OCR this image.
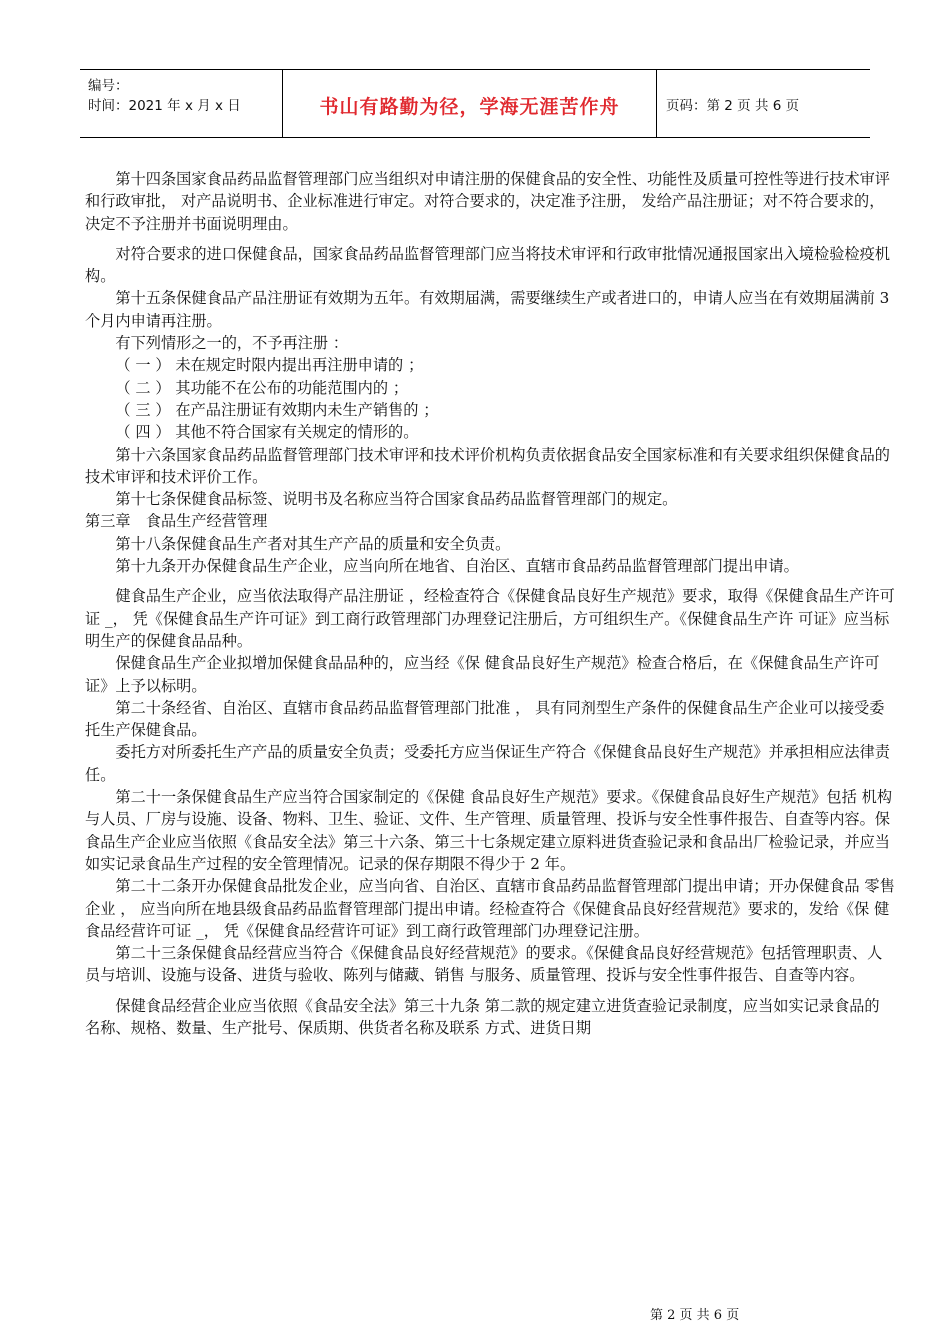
编号：
时间：2021 年 x 月 x 日	书山有路勤为径，学海无涯苦作舟	页码：第 2 页 共 6 页

第十四条国家食品药品监督管理部门应当组织对申请注册的保健食品的安全性、功能性及质量可控性等进行技术审评和行政审批， 对产品说明书、企业标准进行审定。对符合要求的，决定准予注册， 发给产品注册证；对不符合要求的，决定不予注册并书面说明理由。

对符合要求的进口保健食品，国家食品药品监督管理部门应当将技术审评和行政审批情况通报国家出入境检验检疫机构。

第十五条保健食品产品注册证有效期为五年。有效期届满，需要继续生产或者进口的，申请人应当在有效期届满前 3 个月内申请再注册。

有下列情形之一的，不予再注册 ：

（ 一 ） 未在规定时限内提出再注册申请的 ；

（ 二 ） 其功能不在公布的功能范围内的 ；

（ 三 ） 在产品注册证有效期内未生产销售的 ；

（ 四 ） 其他不符合国家有关规定的情形的。

第十六条国家食品药品监督管理部门技术审评和技术评价机构负责依据食品安全国家标准和有关要求组织保健食品的技术审评和技术评价工作。

第十七条保健食品标签、说明书及名称应当符合国家食品药品监督管理部门的规定。

第三章　食品生产经营管理

第十八条保健食品生产者对其生产产品的质量和安全负责。

第十九条开办保健食品生产企业，应当向所在地省、自治区、直辖市食品药品监督管理部门提出申请。

健食品生产企业，应当依法取得产品注册证 ，经检查符合《保健食品良好生产规范》要求，取得《保健食品生产许可证 _， 凭《保健食品生产许可证》到工商行政管理部门办理登记注册后，方可组织生产。《保健食品生产许 可证》应当标明生产的保健食品品种。

保健食品生产企业拟增加保健食品品种的，应当经《保 健食品良好生产规范》检查合格后，在《保健食品生产许可 证》上予以标明。

第二十条经省、自治区、直辖市食品药品监督管理部门批准 ， 具有同剂型生产条件的保健食品生产企业可以接受委托生产保健食品。

委托方对所委托生产产品的质量安全负责；受委托方应当保证生产符合《保健食品良好生产规范》并承担相应法律责任。

第二十一条保健食品生产应当符合国家制定的《保健 食品良好生产规范》要求。《保健食品良好生产规范》包括 机构与人员、厂房与设施、设备、物料、卫生、验证、文件、生产管理、质量管理、投诉与安全性事件报告、自查等内容。保食品生产企业应当依照《食品安全法》第三十六条、第三十七条规定建立原料进货查验记录和食品出厂检验记录，并应当如实记录食品生产过程的安全管理情况。记录的保存期限不得少于 2 年。

第二十二条开办保健食品批发企业，应当向省、自治区、直辖市食品药品监督管理部门提出申请；开办保健食品 零售企业 ， 应当向所在地县级食品药品监督管理部门提出申请。经检查符合《保健食品良好经营规范》要求的，发给《保 健食品经营许可证 _， 凭《保健食品经营许可证》到工商行政管理部门办理登记注册。

第二十三条保健食品经营应当符合《保健食品良好经营规范》的要求。《保健食品良好经营规范》包括管理职责、人员与培训、设施与设备、进货与验收、陈列与储藏、销售 与服务、质量管理、投诉与安全性事件报告、自查等内容。

保健食品经营企业应当依照《食品安全法》第三十九条 第二款的规定建立进货查验记录制度，应当如实记录食品的 名称、规格、数量、生产批号、保质期、供货者名称及联系 方式、进货日期

第 2 页 共 6 页
